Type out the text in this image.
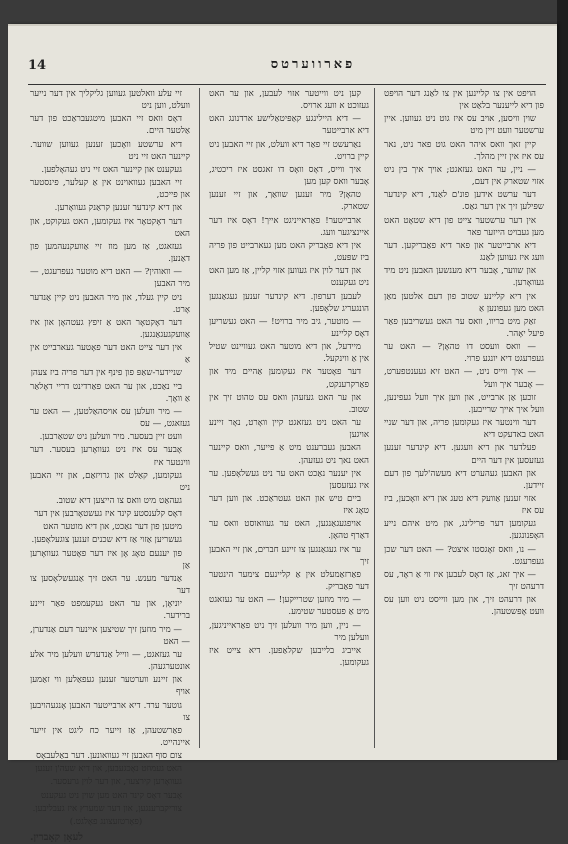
14	פארווערטס

הויפט אין צו קליינען אין צו לאַנג דער הויפּט פון דיא לייענער בלאַט אין

שוין וויסען, אויב עס איז גוט ניט געווען. איין ערשטער וועט זיין מיט

קיין זאך וואס איהר האט גוט פאר ניט, נאר עס איז אין זיין מהלך.

— ניין, ער האט געזאגט; אויך איך בין ניט אזוי שטארק אין דעם,

דער ערשט אידען פונ'ם לאַנד, דיא קינדער שפּילען זיך אין דער גאַס.

אין דער ערשטער צייט פון דיא שטאָט האט מען געבויט הייזער פאר

דיא ארבייטער און פאר דיא פאַבריקען. דער וועג איז געווען לאַנג

און שווער, אָבער דיא מענשען האבען ניט מיד געוואָרען.

אין דיא קליינע שטוב פון דעם אלטען מאַן האט מען געפונען אַ

זאַק מיט בריוו, וואס ער האט געשריבען פאַר פיעל יאָהר.

— וואס וועסט דו טהאָן? — האט ער געפרעגט דיא יונגע פרוי.

— איך ווייס ניט, — האט זיא געענטפערט, — אָבער איך וועל

זוכען אַן ארבייט, און ווען איך וועל געפינען, וועל איך אייך שרייבען.

דער ווינטער איז געקומען פריה, און דער שניי האט באדעקט דיא

פעלדער און דיא וועגען. דיא קינדער זענען געזעסען אין דער היים

און האבען געהערט דיא מעשה'לעך פון דעם זיידען.

אזוי זענען אַוועק דיא טעג און דיא וואָכען, ביז עס איז

געקומען דער פרילינג, און מיט איהם נייע האָפנונגען.

— נו, וואס זאָגסטו איצט? — האט דער שכן געפרעגט.

— איך זאג, אַז דאָס לעבען איז ווי אַ ראָד, עס דרעהט זיך

און דרעהט זיך, און מען ווייסט ניט ווען עס וועט אָפּשטעהן.

קען ניט ווייטער אזוי לעבען, און ער האט געזוכט א וועג ארויס.

— דיא היילינגע קאַפּיטאַלישע ארדנונג האט דיא ארבייטער

נאַרעשט זיי פאַר דיא וועלט, און זיי האבען ניט קיין ברויט.

איך ווייס, דאָס וואָס דו זאגסט איז ריכטיג, אָבער וואס קען מען

טהאָן? מיר זענען שוואַך, און זיי זענען שטארק.

ארבייטער! פאַראייניגט אייך! דאָס איז דער איינציגער וועג.

אין דיא פאַבריק האט מען געארבייט פון פריה ביז שפּעט,

און דער לוין איז געווען אזוי קליין, אַז מען האט ניט געקענט

לעבען דערפון. דיא קינדער זענען געגאַנגען הונגעריג שלאָפען.

— מוטער, גיב מיר ברויט! — האט געשריען דאָס קליינע

מיידעל, און דיא מוטער האט געוויינט שטיל אין אַ ווינקעל.

דער פאָטער איז געקומען אַהיים מיד און פאַרקרענקט,

און ער האט געזעהן וואס עס טהוט זיך אין שטוב.

ער האט ניט געזאגט קיין וואָרט, נאָר זיינע אויגען

האבען געברענט מיט אַ פייער, וואס קיינער האט נאך ניט געזעהן.

אין יענער נאַכט האט ער ניט געשלאָפען. ער איז געזעסען

ביים טיש און האט געטראַכט. און ווען דער טאָג איז

אויפגעגאַנגען, האט ער געוואוסט וואס ער דאַרף טהאָן.

ער איז געגאַנגען צו זיינע חברים, און זיי האבען זיך

פאַרזאַמעלט אין אַ קליינעם צימער הינטער דער פאַבריק.

— מיר מוזען שטרייקען! — האט ער געזאגט מיט אַ פעסטער שטימע.

— ניין, ווען מיר וועלען זיך ניט פאַראייניגען, וועלען מיר

אייביג בלייבען שקלאַפען. דיא צייט איז געקומען.

זיי עלע וואלטען געווען גליקליך אין דער נייער וועלט, ווען ניט

דאָס וואס זיי האבען מיטגעבראַכט פון דער אַלטער היים.

דיא ערשטע וואָכען זענען געווען שווער. קיינער האט זיי ניט

געקענט און קיינער האט זיי ניט געהאָלפען.

זיי האבען געוואוינט אין אַ קעלער, פינסטער און פייכט,

און דיא קינדער זענען קראַנק געוואָרען.

דער דאָקטאָר איז געקומען, האט געקוקט, און האט

געזאגט, אַז מען מוז זיי אַוועקנעהמען פון דאַנען.

— וואוהין? — האט דיא מוטער געפרעגט, — מיר האבען

ניט קיין געלד, און מיר האבען ניט קיין אַנדער אָרט.

דער דאָקטאָר האט אַ זיפץ געטהאָן און איז אַוועקגעגאַנגען.

אין דער צייט האט דער פאָטער געארבייט אין אַ

שניידער-שאַפּ פון פינף אין דער פריה ביז צעהן

ביי נאַכט, און ער האט פאַרדינט דריי דאָלאַר אַ וואָך.

— מיר וועלען עס אויסהאַלטען, — האט ער געזאגט, — עס

וועט זיין בעסער. מיר וועלען ניט שטאַרבען.

אָבער עס איז ניט געוואָרען בעסער. דער ווינטער איז

געקומען, קאַלט און גרויזאַם, און זיי האבען ניט

געהאַט מיט וואס צו הייצען דיא שטוב.

דאָס קלענסטע קינד איז געשטאָרבען אין דער

מיטען פון דער נאַכט, און דיא מוטער האט

געשריען אַזוי אַז דיא שכנים זענען צוגעלאָפען.

פון יענעם טאָג אָן איז דער פאָטער געוואָרען אַן

אַנדער מענש. ער האט זיך אַנגעשלאָסען צו דער

יוניאָן, און ער האט געקעמפט פאַר זיינע ברידער.

— מיר מוזען זיך שטיצען איינער דעם אַנדערן, — האט

ער געזאגט, — ווייל אַנדערש וועלען מיר אלע אונטערגעהן.

און זיינע ווערטער זענען געפאַלען ווי זאַמען אויף

גוטער ערד. דיא ארבייטער האבען אָנגעהויבען צו

פאַרשטעהן, אַז זייער כח ליגט אין זייער איינהייט.

צום סוף האבען זיי געוואונען. דער באַלעבאָס

האט געמוזט נאָכגעבען, און דיא שעה'ן זענען

געוואָרען קירצער, און דער לוין גרעסער.

אָבער דאָס קינד האט מען שוין ניט געקענט

צוריקברענגען, און דער שמערץ איז געבליבען.

(פאָרטזעצונג פאָלגט.)

לעאָן קאָברין.
